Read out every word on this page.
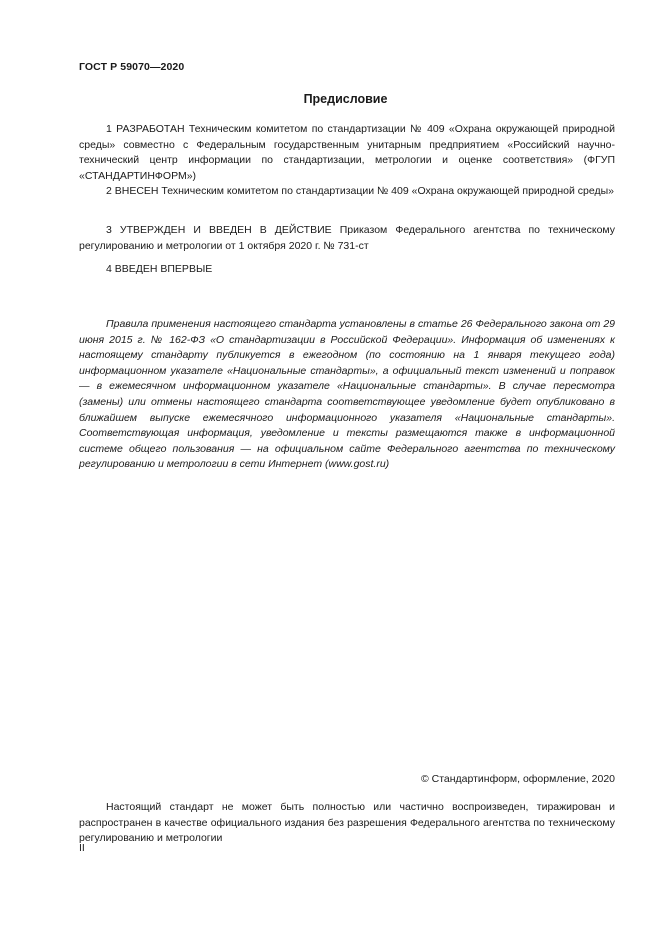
ГОСТ Р 59070—2020
Предисловие

1 РАЗРАБОТАН Техническим комитетом по стандартизации № 409 «Охрана окружающей природной среды» совместно с Федеральным государственным унитарным предприятием «Российский научно-технический центр информации по стандартизации, метрологии и оценке соответствия» (ФГУП «СТАНДАРТИНФОРМ»)

2 ВНЕСЕН Техническим комитетом по стандартизации № 409 «Охрана окружающей природной среды»

3 УТВЕРЖДЕН И ВВЕДЕН В ДЕЙСТВИЕ Приказом Федерального агентства по техническому регулированию и метрологии от 1 октября 2020 г. № 731-ст

4 ВВЕДЕН ВПЕРВЫЕ

Правила применения настоящего стандарта установлены в статье 26 Федерального закона от 29 июня 2015 г. № 162-ФЗ «О стандартизации в Российской Федерации». Информация об изменениях к настоящему стандарту публикуется в ежегодном (по состоянию на 1 января текущего года) информационном указателе «Национальные стандарты», а официальный текст изменений и поправок — в ежемесячном информационном указателе «Национальные стандарты». В случае пересмотра (замены) или отмены настоящего стандарта соответствующее уведомление будет опубликовано в ближайшем выпуске ежемесячного информационного указателя «Национальные стандарты». Соответствующая информация, уведомление и тексты размещаются также в информационной системе общего пользования — на официальном сайте Федерального агентства по техническому регулированию и метрологии в сети Интернет (www.gost.ru)

© Стандартинформ, оформление, 2020

Настоящий стандарт не может быть полностью или частично воспроизведен, тиражирован и распространен в качестве официального издания без разрешения Федерального агентства по техническому регулированию и метрологии

II
